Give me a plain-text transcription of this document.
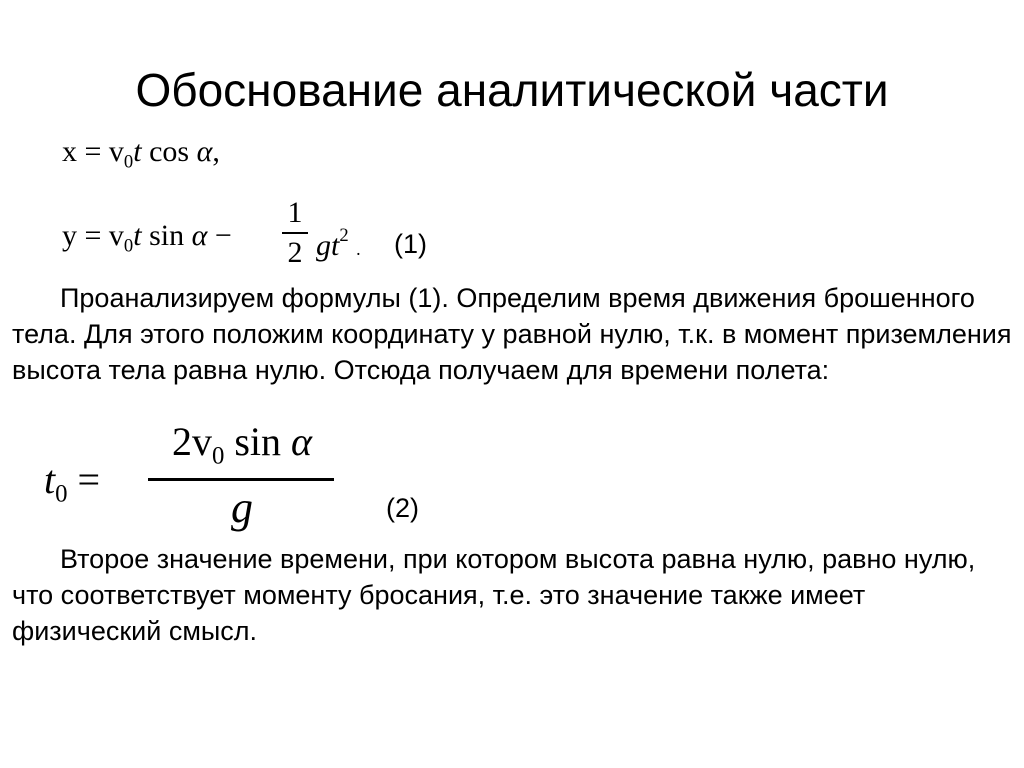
Обоснование аналитической части
$x = v_0t$ cos α,
$y = v_0t$ sin α −
1
2 $gt^2$ . (1)

Проанализируем формулы (1). Определим время движения брошенного тела. Для этого положим координату y равной нулю, т.к. в момент приземления высота тела равна нулю. Отсюда получаем для времени полета:

$t_0$ =
$2v_0$ sin α
g	(2)

Второе значение времени, при котором высота равна нулю, равно нулю, что соответствует моменту бросания, т.е. это значение также имеет физический смысл.
